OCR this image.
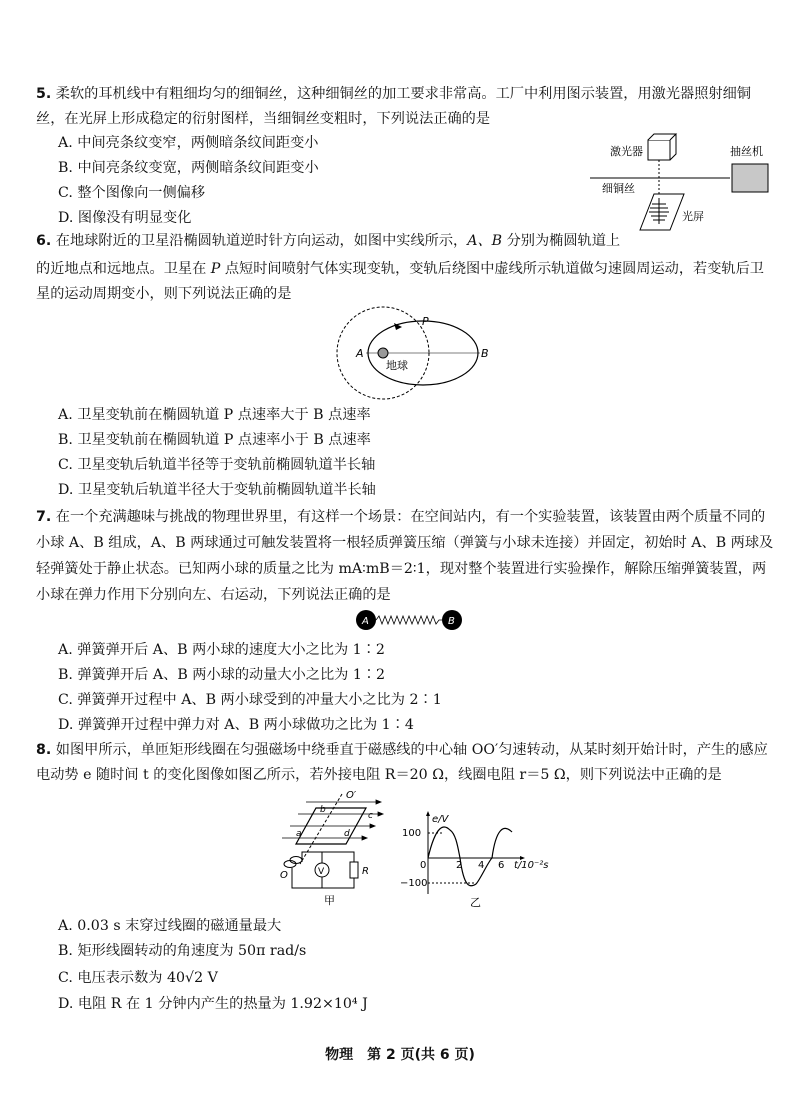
5. 柔软的耳机线中有粗细均匀的细铜丝，这种细铜丝的加工要求非常高。工厂中利用图示装置，用激光器照射细铜丝，在光屏上形成稳定的衍射图样，当细铜丝变粗时，下列说法正确的是
A. 中间亮条纹变窄，两侧暗条纹间距变小
B. 中间亮条纹变宽，两侧暗条纹间距变小
C. 整个图像向一侧偏移
D. 图像没有明显变化
激光器	抽丝机
细铜丝
光屏
6. 在地球附近的卫星沿椭圆轨道逆时针方向运动，如图中实线所示，A、B 分别为椭圆轨道上
的近地点和远地点。卫星在 P 点短时间喷射气体实现变轨，变轨后绕图中虚线所示轨道做匀速圆周运动，若变轨后卫星的运动周期变小，则下列说法正确的是
A	B
P
地球
A. 卫星变轨前在椭圆轨道 P 点速率大于 B 点速率
B. 卫星变轨前在椭圆轨道 P 点速率小于 B 点速率
C. 卫星变轨后轨道半径等于变轨前椭圆轨道半长轴
D. 卫星变轨后轨道半径大于变轨前椭圆轨道半长轴
7. 在一个充满趣味与挑战的物理世界里，有这样一个场景：在空间站内，有一个实验装置，该装置由两个质量不同的小球 A、B 组成，A、B 两球通过可触发装置将一根轻质弹簧压缩（弹簧与小球未连接）并固定，初始时 A、B 两球及轻弹簧处于静止状态。已知两小球的质量之比为 mA∶mB＝2∶1，现对整个装置进行实验操作，解除压缩弹簧装置，两小球在弹力作用下分别向左、右运动，下列说法正确的是
A	B
A. 弹簧弹开后 A、B 两小球的速度大小之比为 1∶2
B. 弹簧弹开后 A、B 两小球的动量大小之比为 1∶2
C. 弹簧弹开过程中 A、B 两小球受到的冲量大小之比为 2∶1
D. 弹簧弹开过程中弹力对 A、B 两小球做功之比为 1∶4
8. 如图甲所示，单匝矩形线圈在匀强磁场中绕垂直于磁感线的中心轴 OO′匀速转动，从某时刻开始计时，产生的感应电动势 e 随时间 t 的变化图像如图乙所示，若外接电阻 R＝20 Ω，线圈电阻 r＝5 Ω，则下列说法中正确的是
O′
b
c
a	d
O	V	R
甲
e/V
100
−100
0	2 4 6 t/10⁻²s
乙
A. 0.03 s 末穿过线圈的磁通量最大
B. 矩形线圈转动的角速度为 50π rad/s
C. 电压表示数为 40√2 V
D. 电阻 R 在 1 分钟内产生的热量为 1.92×10⁴ J
物理　第 2 页(共 6 页)
